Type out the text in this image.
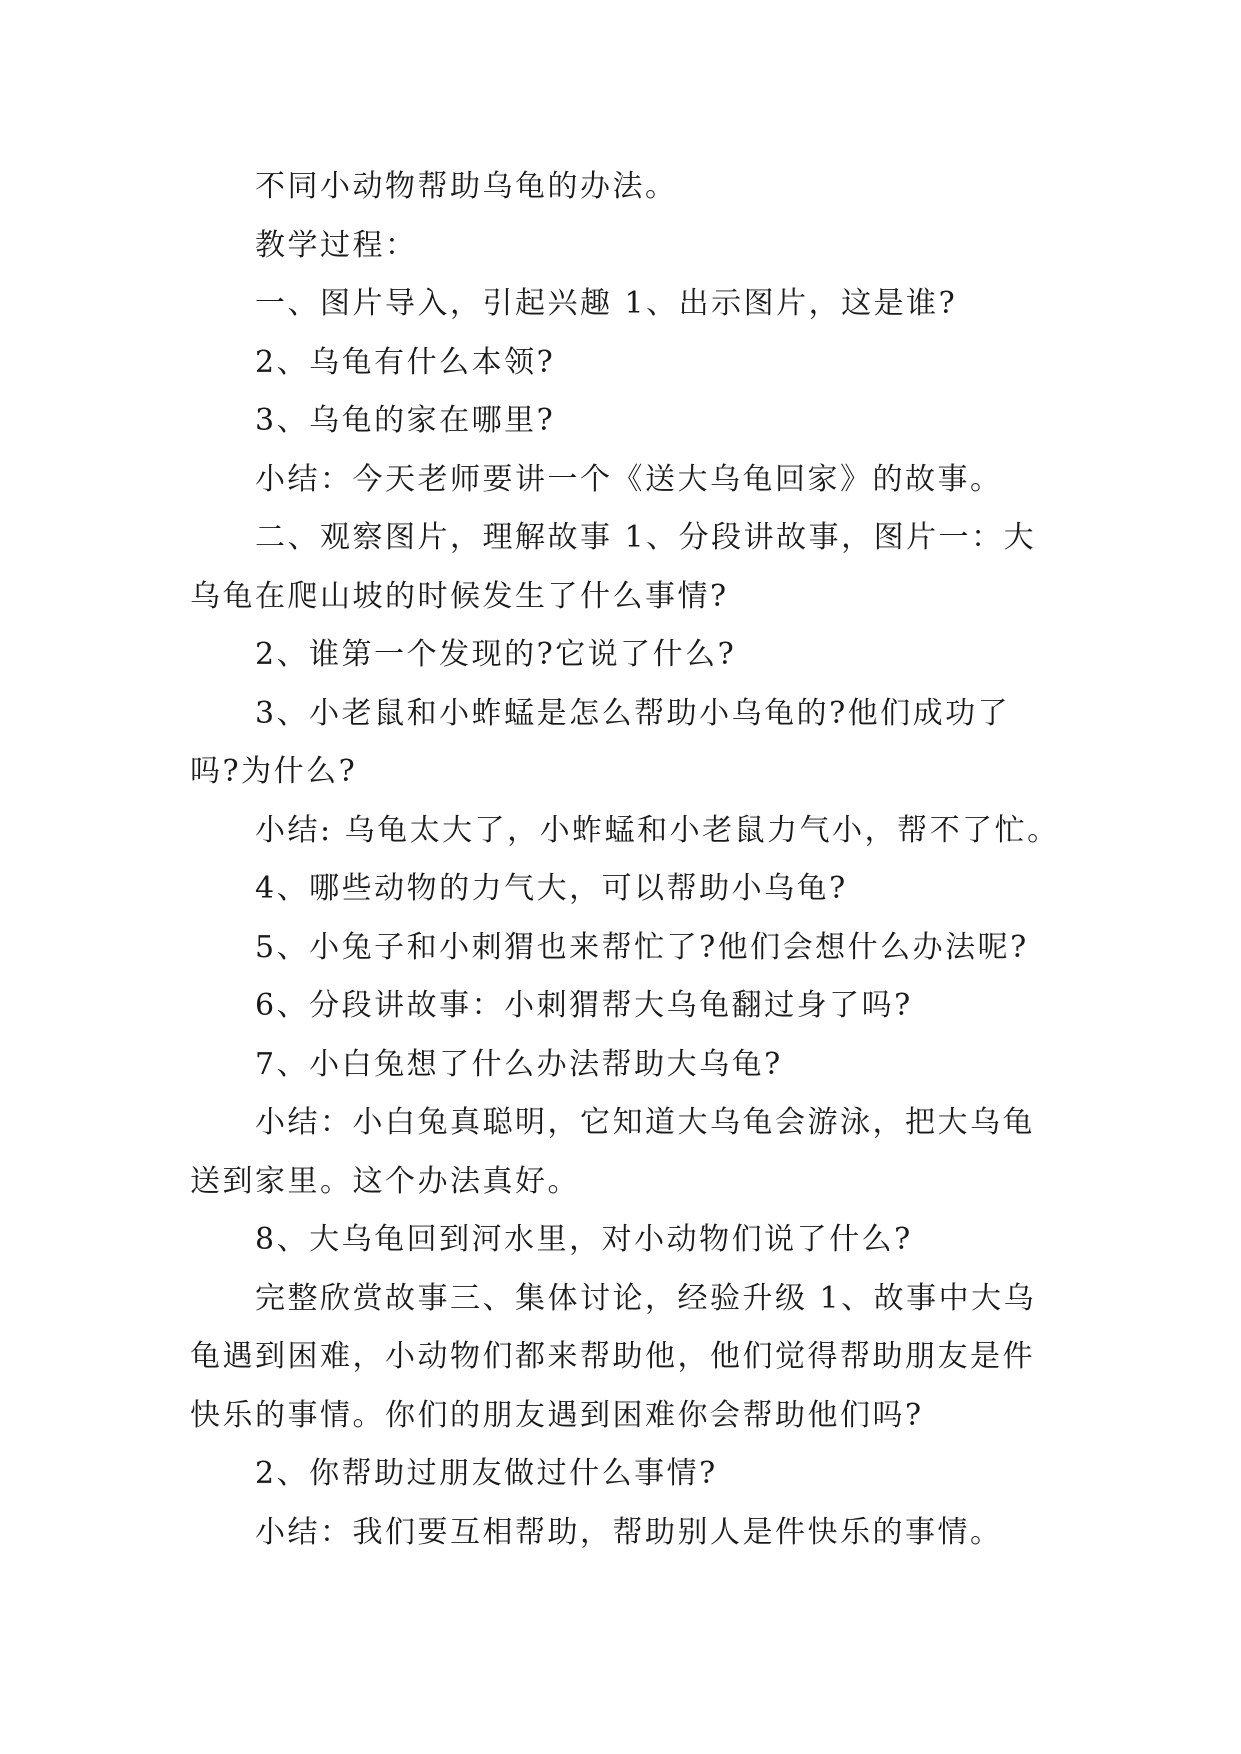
不同小动物帮助乌龟的办法。

教学过程：

一、图片导入，引起兴趣 1、出示图片，这是谁?

2、乌龟有什么本领?

3、乌龟的家在哪里?

小结：今天老师要讲一个《送大乌龟回家》的故事。

二、观察图片，理解故事 1、分段讲故事，图片一：大乌龟在爬山坡的时候发生了什么事情?

2、谁第一个发现的?它说了什么?

3、小老鼠和小蚱蜢是怎么帮助小乌龟的?他们成功了吗?为什么?

小结: 乌龟太大了，小蚱蜢和小老鼠力气小，帮不了忙。

4、哪些动物的力气大，可以帮助小乌龟?

5、小兔子和小刺猬也来帮忙了?他们会想什么办法呢?

6、分段讲故事：小刺猬帮大乌龟翻过身了吗?

7、小白兔想了什么办法帮助大乌龟?

小结：小白兔真聪明，它知道大乌龟会游泳，把大乌龟送到家里。这个办法真好。

8、大乌龟回到河水里，对小动物们说了什么?

完整欣赏故事三、集体讨论，经验升级 1、故事中大乌龟遇到困难，小动物们都来帮助他，他们觉得帮助朋友是件快乐的事情。你们的朋友遇到困难你会帮助他们吗?

2、你帮助过朋友做过什么事情?

小结：我们要互相帮助，帮助别人是件快乐的事情。
